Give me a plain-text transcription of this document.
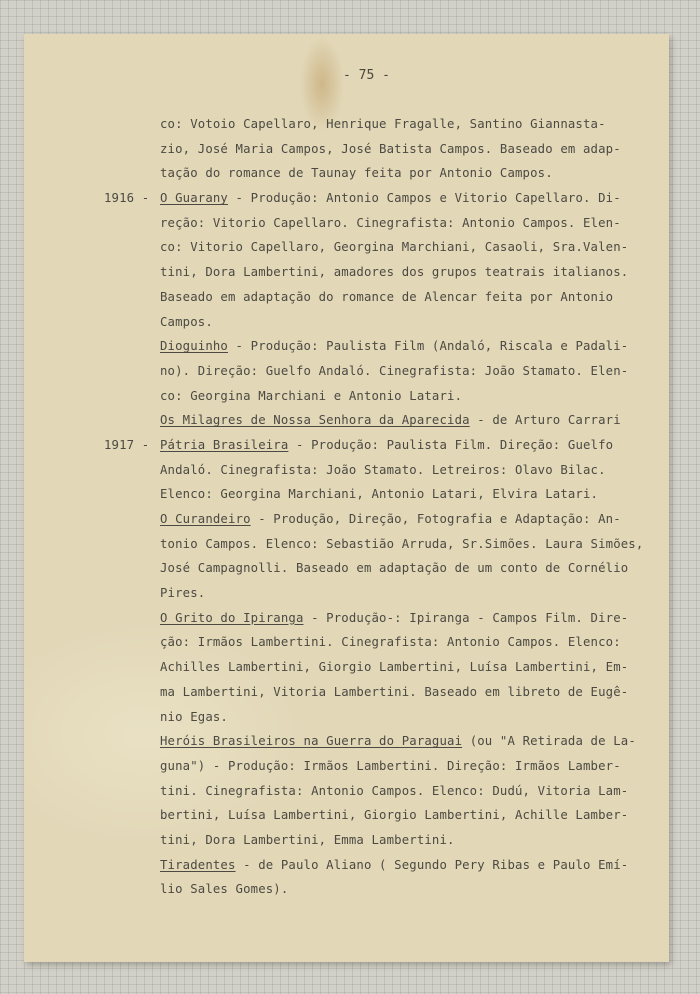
- 75 -
co: Votoio Capellaro, Henrique Fragalle, Santino Giannasta-
zio, José Maria Campos, José Batista Campos. Baseado em adap-
tação do romance de Taunay feita por Antonio Campos.
1916 - O Guarany - Produção: Antonio Campos e Vitorio Capellaro. Di-
reção: Vitorio Capellaro. Cinegrafista: Antonio Campos. Elen-
co: Vitorio Capellaro, Georgina Marchiani, Casaoli, Sra.Valen-
tini, Dora Lambertini, amadores dos grupos teatrais italianos.
Baseado em adaptação do romance de Alencar feita por Antonio
Campos.
Dioguinho - Produção: Paulista Film (Andaló, Riscala e Padali-
no). Direção: Guelfo Andaló. Cinegrafista: João Stamato. Elen-
co: Georgina Marchiani e Antonio Latari.
Os Milagres de Nossa Senhora da Aparecida - de Arturo Carrari
1917 - Pátria Brasileira - Produção: Paulista Film. Direção: Guelfo
Andaló. Cinegrafista: João Stamato. Letreiros: Olavo Bilac.
Elenco: Georgina Marchiani, Antonio Latari, Elvira Latari.
O Curandeiro - Produção, Direção, Fotografia e Adaptação: An-
tonio Campos. Elenco: Sebastião Arruda, Sr.Simões. Laura Simões,
José Campagnolli. Baseado em adaptação de um conto de Cornélio
Pires.
O Grito do Ipiranga - Produção-: Ipiranga - Campos Film. Dire-
ção: Irmãos Lambertini. Cinegrafista: Antonio Campos. Elenco:
Achilles Lambertini, Giorgio Lambertini, Luísa Lambertini, Em-
ma Lambertini, Vitoria Lambertini. Baseado em libreto de Eugê-
nio Egas.
Heróis Brasileiros na Guerra do Paraguai (ou "A Retirada de La-
guna") - Produção: Irmãos Lambertini. Direção: Irmãos Lamber-
tini. Cinegrafista: Antonio Campos. Elenco: Dudú, Vitoria Lam-
bertini, Luísa Lambertini, Giorgio Lambertini, Achille Lamber-
tini, Dora Lambertini, Emma Lambertini.
Tiradentes - de Paulo Aliano ( Segundo Pery Ribas e Paulo Emí-
lio Sales Gomes).
